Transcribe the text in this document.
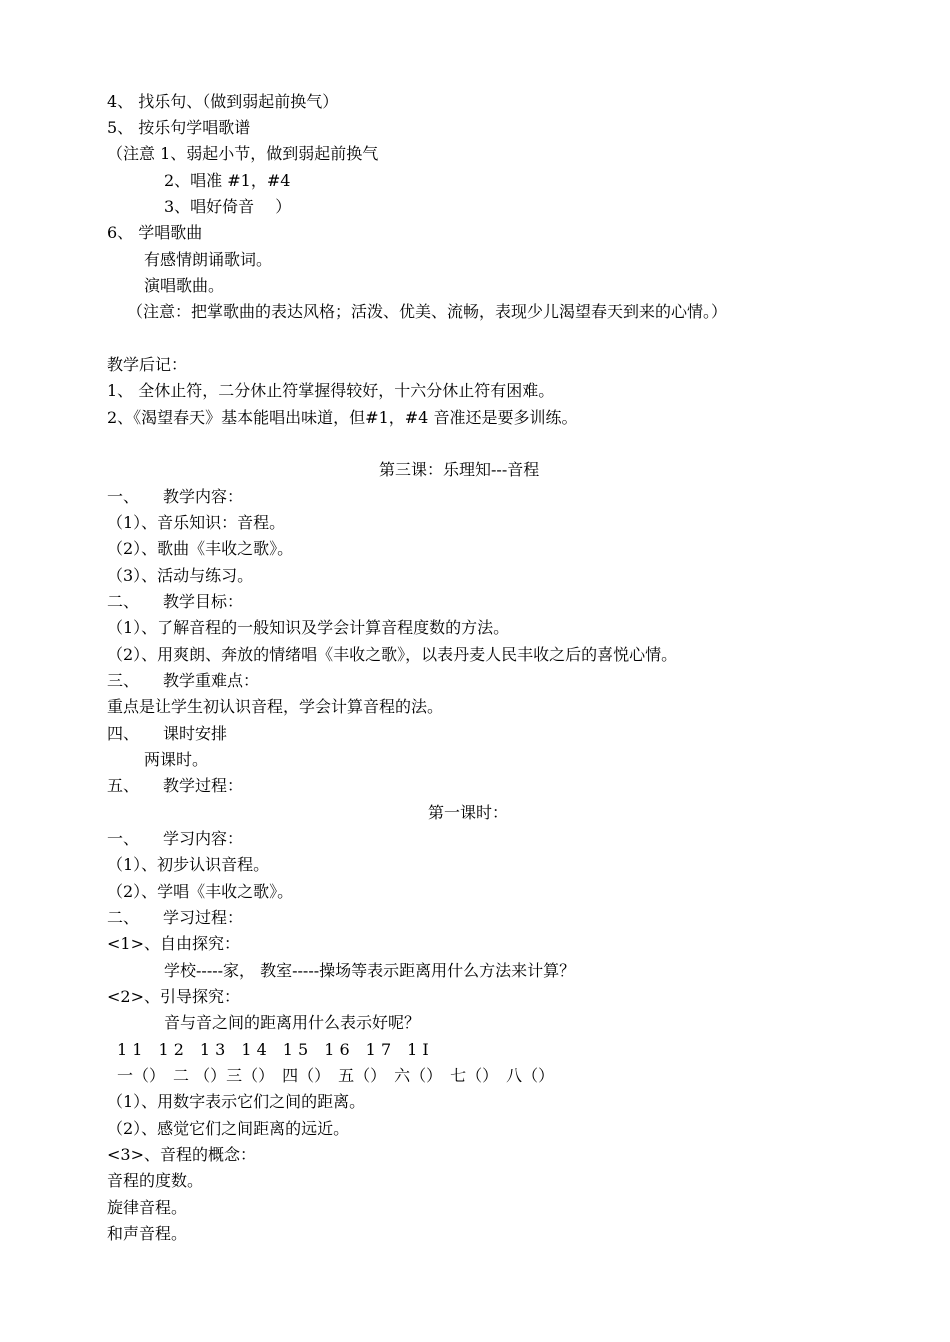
4、 找乐句、（做到弱起前换气）
5、 按乐句学唱歌谱
（注意 1、弱起小节，做到弱起前换气
2、唱准 #1，#4
3、唱好倚音　 ）
6、 学唱歌曲
有感情朗诵歌词。
演唱歌曲。
（注意：把掌歌曲的表达风格；活泼、优美、流畅，表现少儿渴望春天到来的心情。）
教学后记：
1、 全休止符，二分休止符掌握得较好，十六分休止符有困难。
2、《渴望春天》基本能唱出味道，但#1，#4 音准还是要多训练。
第三课：乐理知---音程
一、　　教学内容：
（1）、音乐知识：音程。
（2）、歌曲《丰收之歌》。
（3）、活动与练习。
二、　　教学目标：
（1）、了解音程的一般知识及学会计算音程度数的方法。
（2）、用爽朗、奔放的情绪唱《丰收之歌》，以表丹麦人民丰收之后的喜悦心情。
三、　　教学重难点：
重点是让学生初认识音程，学会计算音程的法。
四、　　课时安排
两课时。
五、　　教学过程：
第一课时：
一、　　学习内容：
（1）、初步认识音程。
（2）、学唱《丰收之歌》。
二、　　学习过程：
<1>、自由探究：
学校-----家， 教室-----操场等表示距离用什么方法来计算？
<2>、引导探究：
音与音之间的距离用什么表示好呢？
1 1　1 2　1 3　1 4　1 5　1 6　1 7　1 I
一（）　二 （）三（）　四（）　五（）　六（）　七（）　八（）
（1）、用数字表示它们之间的距离。
（2）、感觉它们之间距离的远近。
<3>、音程的概念：
音程的度数。
旋律音程。
和声音程。
